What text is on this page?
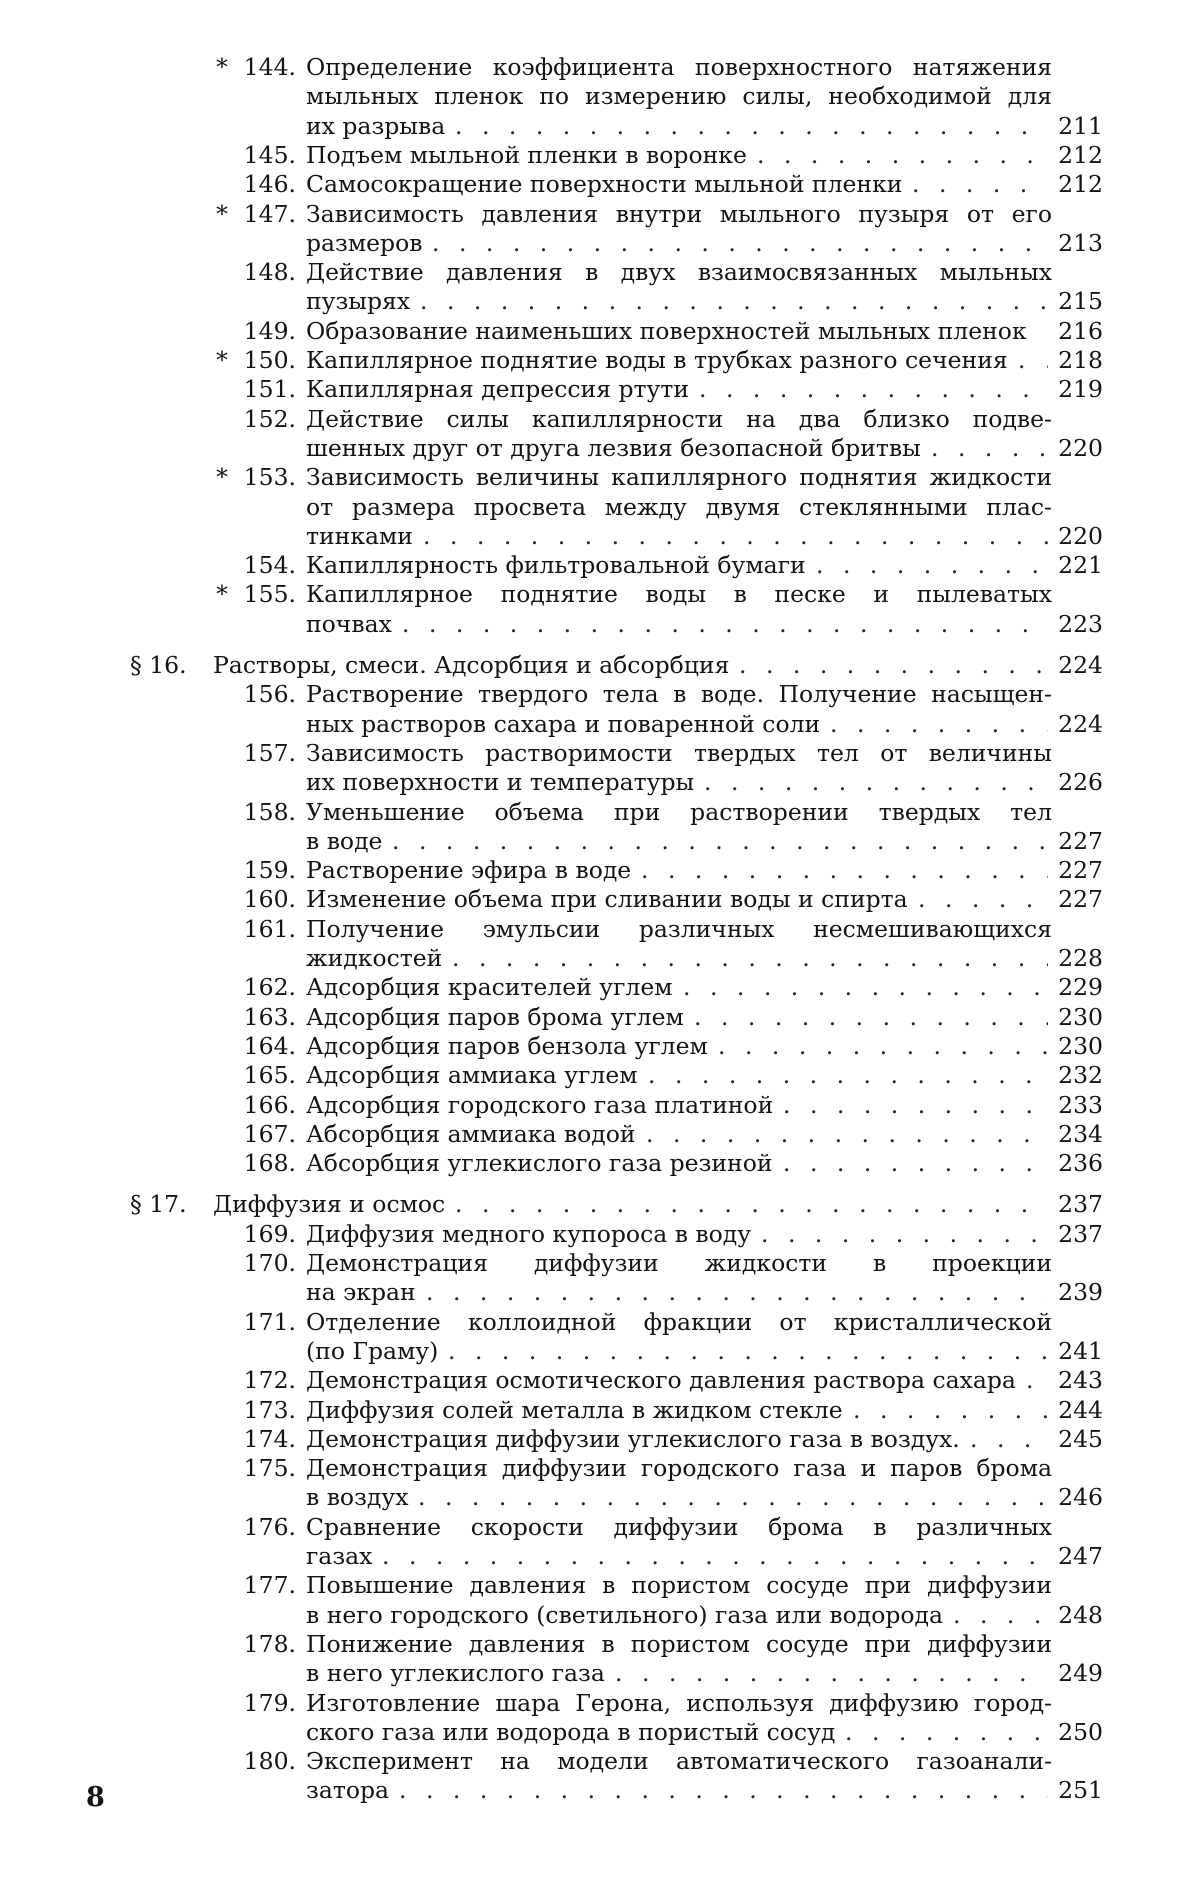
* 144. Определение коэффициента поверхностного натяжения
мыльных пленок по измерению силы, необходимой для
их разрыва . . . . . . . . . . . . . . . . . . . . . .	211
145. Подъем мыльной пленки в воронке . . . . . . . . . . . 212
146. Самосокращение поверхности мыльной пленки . . . . .	212
* 147. Зависимость давления внутри мыльного пузыря от его
размеров . . . . . . . . . . . . . . . . . . . . . . . 213
148. Действие давления в двух взаимосвязанных мыльных
пузырях . . . . . . . . . . . . . . . . . . . . . . .	215
149. Образование наименьших поверхностей мыльных пленок 216
* 150. Капиллярное поднятие воды в трубках разного сечения .	218
151. Капиллярная депрессия ртути . . . . . . . . . . . . . 219
152. Действие силы капиллярности на два близко подве-
шенных друг от друга лезвия безопасной бритвы . . . .	220
* 153. Зависимость величины капиллярного поднятия жидкости
от размера просвета между двумя стеклянными плас-
тинками . . . . . . . . . . . . . . . . . . . . . . .	220
154. Капиллярность фильтровальной бумаги . . . . . . . . . 221
* 155. Капиллярное поднятие воды в песке и пылеватых
почвах . . . . . . . . . . . . . . . . . . . . . . . . 223
§ 16. Растворы, смеси. Адсорбция и абсорбция . . . . . . . . . . . . 224
156. Растворение твердого тела в воде. Получение насыщен-
ных растворов сахара и поваренной соли . . . . . . . .	224
157. Зависимость растворимости твердых тел от величины
их поверхности и температуры . . . . . . . . . . . . . 226
158. Уменьшение объема при растворении твердых тел
в воде . . . . . . . . . . . . . . . . . . . . . . . .	227
159. Растворение эфира в воде . . . . . . . . . . . . . . .	227
160. Изменение объема при сливании воды и спирта . . . . . 227
161. Получение эмульсии различных несмешивающихся
жидкостей . . . . . . . . . . . . . . . . . . . . . .	228
162. Адсорбция красителей углем . . . . . . . . . . . . . . 229
163. Адсорбция паров брома углем . . . . . . . . . . . . .	230
164. Адсорбция паров бензола углем . . . . . . . . . . . .	230
165. Адсорбция аммиака углем . . . . . . . . . . . . . . . 232
166. Адсорбция городского газа платиной . . . . . . . . . . 233
167. Абсорбция аммиака водой . . . . . . . . . . . . . . . 234
168. Абсорбция углекислого газа резиной . . . . . . . . . . 236
§ 17. Диффузия и осмос . . . . . . . . . . . . . . . . . . . . . .	237
169. Диффузия медного купороса в воду . . . . . . . . . . . 237
170. Демонстрация диффузии жидкости в проекции
на экран . . . . . . . . . . . . . . . . . . . . . . .	239
171. Отделение коллоидной фракции от кристаллической
(по Граму) . . . . . . . . . . . . . . . . . . . . . .	241
172. Демонстрация осмотического давления раствора сахара . 243
173. Диффузия солей металла в жидком стекле . . . . . . .	244
174. Демонстрация диффузии углекислого газа в воздух. . . . 245
175. Демонстрация диффузии городского газа и паров брома
в воздух . . . . . . . . . . . . . . . . . . . . . . .	246
176. Сравнение скорости диффузии брома в различных
газах . . . . . . . . . . . . . . . . . . . . . . . . . 247
177. Повышение давления в пористом сосуде при диффузии
в него городского (светильного) газа или водорода . . . . 248
178. Понижение давления в пористом сосуде при диффузии
в него углекислого газа . . . . . . . . . . . . . . . .	249
179. Изготовление шара Герона, используя диффузию город-
ского газа или водорода в пористый сосуд . . . . . . . . 250
180. Эксперимент на модели автоматического газоанали-
затора . . . . . . . . . . . . . . . . . . . . . . . .	251
8
